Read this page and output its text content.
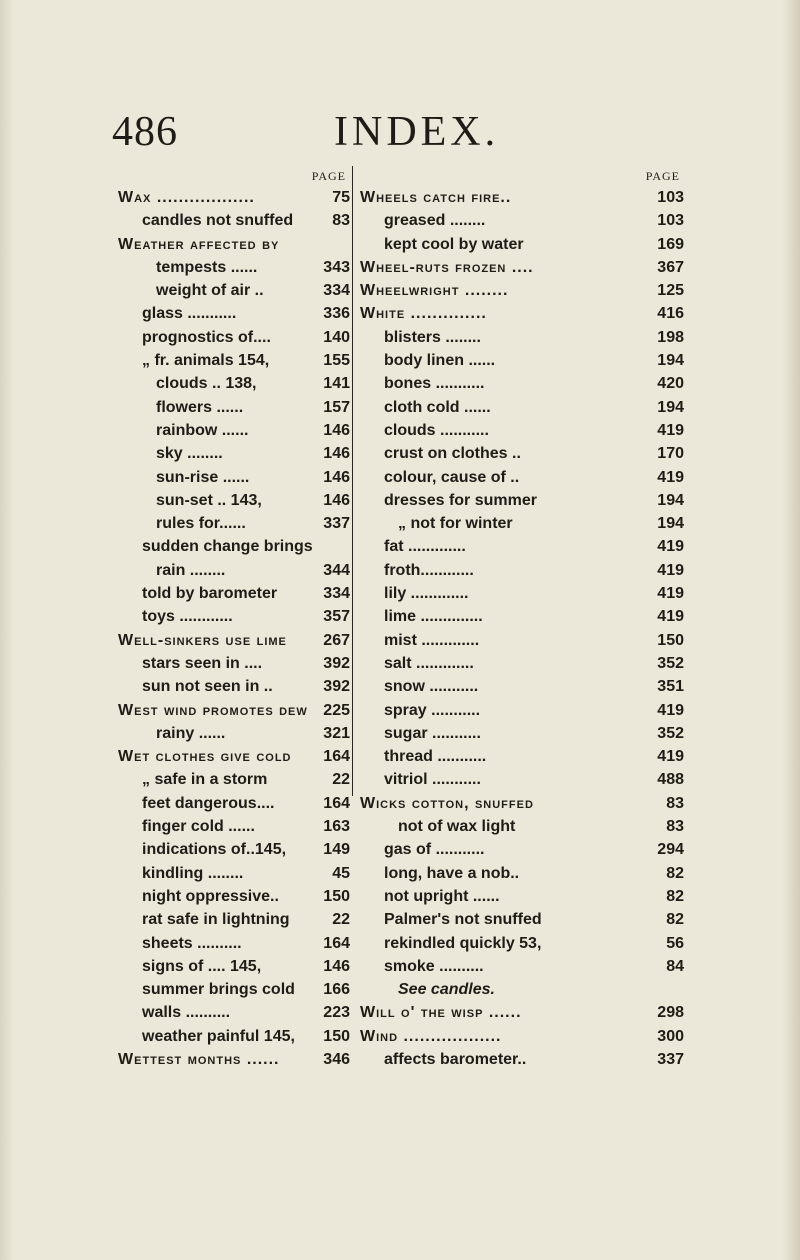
486	INDEX.
PAGE
Wax ..................	75
candles not snuffed 83
Weather affected by
tempests ......	343
weight of air ..	334
glass ...........	336
prognostics of....	140
„ fr. animals 154,	155
clouds .. 138,	141
flowers ......	157
rainbow ......	146
sky ........	146
sun-rise ......	146
sun-set .. 143,	146
rules for......	337
sudden change brings
rain ........	344
told by barometer	334
toys ............	357
Well-sinkers use lime 267
stars seen in ....	392
sun not seen in ..	392
West wind promotes dew 225
rainy ......	321
Wet clothes give cold 164
„ safe in a storm	22
feet dangerous....	164
finger cold ......	163
indications of..145, 149
kindling ........	45
night oppressive..	150
rat safe in lightning	22
sheets ..........	164
signs of .... 145,	146
summer brings cold 166
walls ..........	223
weather painful 145, 150
Wettest months ......	346
PAGE
Wheels catch fire..	103
greased ........	103
kept cool by water	169
Wheel-ruts frozen ....	367
Wheelwright ........	125
White ..............	416
blisters ........	198
body linen ......	194
bones ...........	420
cloth cold ......	194
clouds ...........	419
crust on clothes ..	170
colour, cause of ..	419
dresses for summer	194
„ not for winter	194
fat .............	419
froth............	419
lily .............	419
lime ..............	419
mist .............	150
salt .............	352
snow ...........	351
spray ...........	419
sugar ...........	352
thread ...........	419
vitriol ...........	488
Wicks cotton, snuffed	83
not of wax light	83
gas of ...........	294
long, have a nob..	82
not upright ......	82
Palmer's not snuffed	82
rekindled quickly 53,	56
smoke ..........	84
See candles.
Will o' the wisp ......	298
Wind ..................	300
affects barometer..	337
